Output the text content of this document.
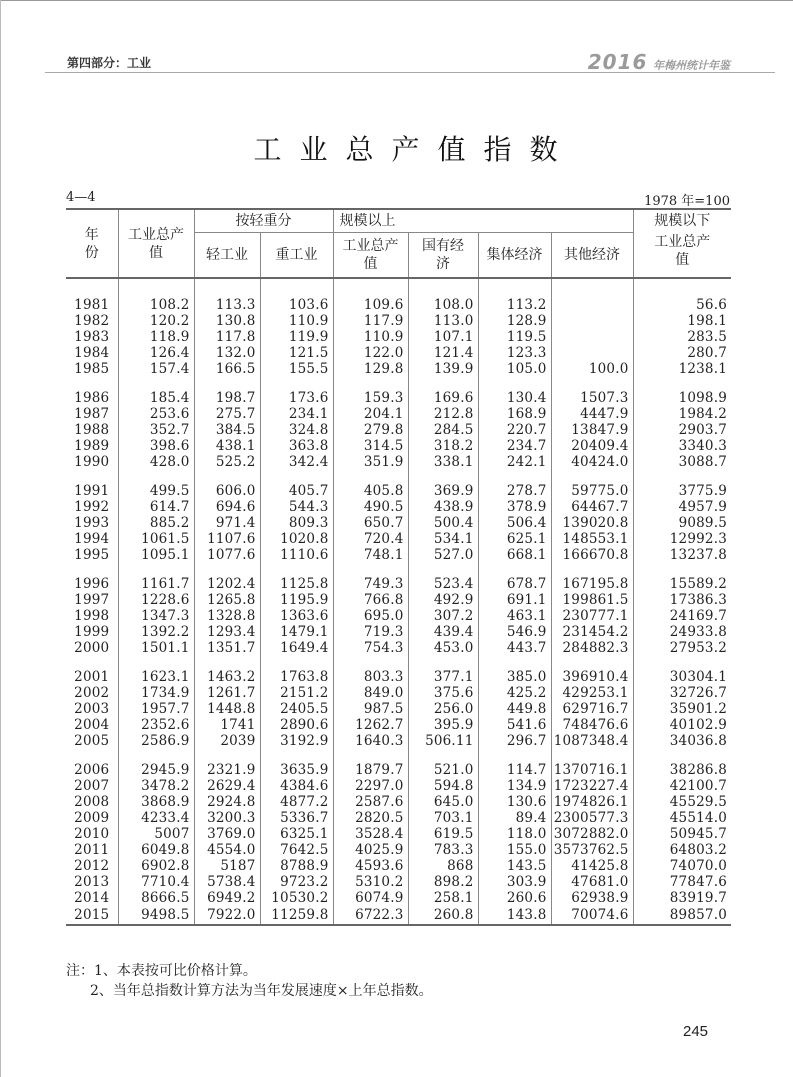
第四部分：工业	2016 年梅州统计年鉴
工业总产值指数
4—4	1978 年=100
年
份	工业总产值	按轻重分		规模以上				规模以下
		轻工业	重工业	工业总产值	国有经济	集体经济	其他经济	工业总产值

1981	108.2	113.3	103.6	109.6	108.0	113.2		56.6
1982	120.2	130.8	110.9	117.9	113.0	128.9		198.1
1983	118.9	117.8	119.9	110.9	107.1	119.5		283.5
1984	126.4	132.0	121.5	122.0	121.4	123.3		280.7
1985	157.4	166.5	155.5	129.8	139.9	105.0	100.0	1238.1

1986	185.4	198.7	173.6	159.3	169.6	130.4	1507.3	1098.9
1987	253.6	275.7	234.1	204.1	212.8	168.9	4447.9	1984.2
1988	352.7	384.5	324.8	279.8	284.5	220.7	13847.9	2903.7
1989	398.6	438.1	363.8	314.5	318.2	234.7	20409.4	3340.3
1990	428.0	525.2	342.4	351.9	338.1	242.1	40424.0	3088.7

1991	499.5	606.0	405.7	405.8	369.9	278.7	59775.0	3775.9
1992	614.7	694.6	544.3	490.5	438.9	378.9	64467.7	4957.9
1993	885.2	971.4	809.3	650.7	500.4	506.4	139020.8	9089.5
1994	1061.5	1107.6	1020.8	720.4	534.1	625.1	148553.1	12992.3
1995	1095.1	1077.6	1110.6	748.1	527.0	668.1	166670.8	13237.8

1996	1161.7	1202.4	1125.8	749.3	523.4	678.7	167195.8	15589.2
1997	1228.6	1265.8	1195.9	766.8	492.9	691.1	199861.5	17386.3
1998	1347.3	1328.8	1363.6	695.0	307.2	463.1	230777.1	24169.7
1999	1392.2	1293.4	1479.1	719.3	439.4	546.9	231454.2	24933.8
2000	1501.1	1351.7	1649.4	754.3	453.0	443.7	284882.3	27953.2

2001	1623.1	1463.2	1763.8	803.3	377.1	385.0	396910.4	30304.1
2002	1734.9	1261.7	2151.2	849.0	375.6	425.2	429253.1	32726.7
2003	1957.7	1448.8	2405.5	987.5	256.0	449.8	629716.7	35901.2
2004	2352.6	1741	2890.6	1262.7	395.9	541.6	748476.6	40102.9
2005	2586.9	2039	3192.9	1640.3	506.11	296.7	1087348.4	34036.8

2006	2945.9	2321.9	3635.9	1879.7	521.0	114.7	1370716.1	38286.8
2007	3478.2	2629.4	4384.6	2297.0	594.8	134.9	1723227.4	42100.7
2008	3868.9	2924.8	4877.2	2587.6	645.0	130.6	1974826.1	45529.5
2009	4233.4	3200.3	5336.7	2820.5	703.1	89.4	2300577.3	45514.0
2010	5007	3769.0	6325.1	3528.4	619.5	118.0	3072882.0	50945.7
2011	6049.8	4554.0	7642.5	4025.9	783.3	155.0	3573762.5	64803.2
2012	6902.8	5187	8788.9	4593.6	868	143.5	41425.8	74070.0
2013	7710.4	5738.4	9723.2	5310.2	898.2	303.9	47681.0	77847.6
2014	8666.5	6949.2	10530.2	6074.9	258.1	260.6	62938.9	83919.7
2015	9498.5	7922.0	11259.8	6722.3	260.8	143.8	70074.6	89857.0
注：1、本表按可比价格计算。
2、当年总指数计算方法为当年发展速度×上年总指数。
245
